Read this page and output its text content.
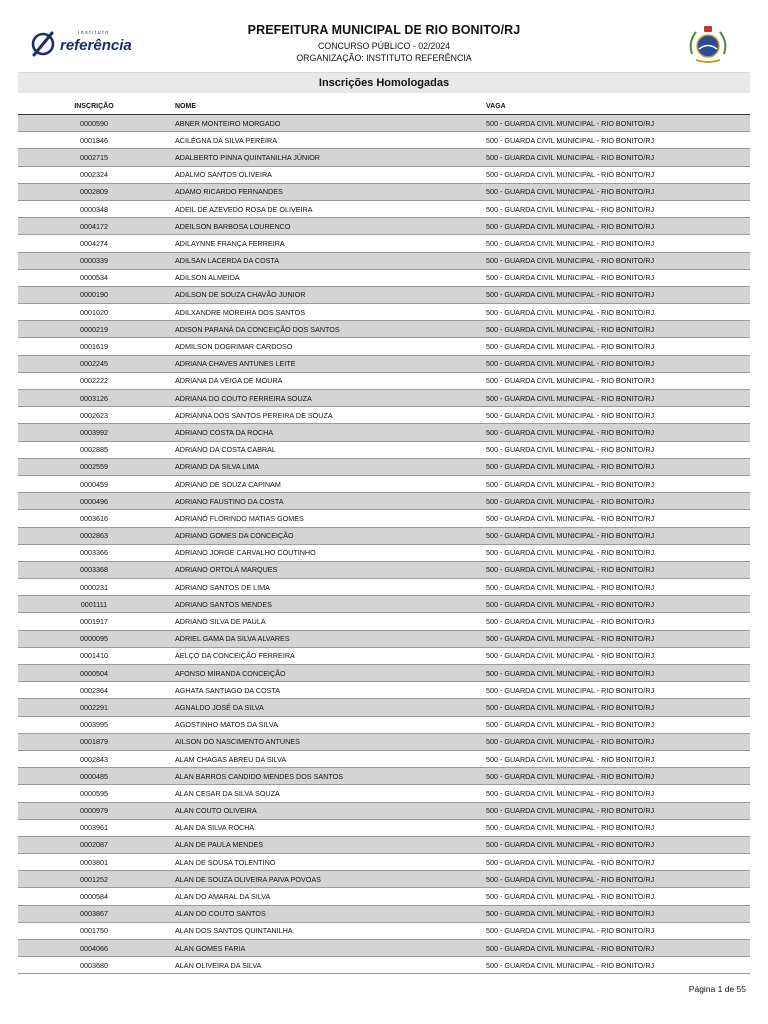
instituto
referência
PREFEITURA MUNICIPAL DE RIO BONITO/RJ
CONCURSO PÚBLICO - 02/2024
ORGANIZAÇÃO: INSTITUTO REFERÊNCIA
Inscrições Homologadas
INSCRIÇÃO	NOME	VAGA
0000590	ABNER MONTEIRO MORGADO	500 - GUARDA CIVIL MUNICIPAL - RIO BONITO/RJ
0001846	ACILÉGNA DA SILVA PEREIRA	500 - GUARDA CIVIL MUNICIPAL - RIO BONITO/RJ
0002715	ADALBERTO PINNA QUINTANILHA JÚNIOR	500 - GUARDA CIVIL MUNICIPAL - RIO BONITO/RJ
0002324	ADALMO SANTOS OLIVEIRA	500 - GUARDA CIVIL MUNICIPAL - RIO BONITO/RJ
0002809	ADAMO RICARDO FERNANDES	500 - GUARDA CIVIL MUNICIPAL - RIO BONITO/RJ
0000348	ADEIL DE AZEVEDO ROSA DE OLIVEIRA	500 - GUARDA CIVIL MUNICIPAL - RIO BONITO/RJ
0004172	ADEILSON BARBOSA LOURENCO	500 - GUARDA CIVIL MUNICIPAL - RIO BONITO/RJ
0004274	ADILAYNNE FRANÇA FERREIRA	500 - GUARDA CIVIL MUNICIPAL - RIO BONITO/RJ
0000339	ADILSAN LACERDA DA COSTA	500 - GUARDA CIVIL MUNICIPAL - RIO BONITO/RJ
0000534	ADILSON ALMEIDA	500 - GUARDA CIVIL MUNICIPAL - RIO BONITO/RJ
0000190	ADILSON DE SOUZA CHAVÃO JUNIOR	500 - GUARDA CIVIL MUNICIPAL - RIO BONITO/RJ
0001020	ADILXANDRE MOREIRA DOS SANTOS	500 - GUARDA CIVIL MUNICIPAL - RIO BONITO/RJ
0000219	ADISON PARANÁ DA CONCEIÇÃO DOS SANTOS	500 - GUARDA CIVIL MUNICIPAL - RIO BONITO/RJ
0001619	ADMILSON DOGRIMAR CARDOSO	500 - GUARDA CIVIL MUNICIPAL - RIO BONITO/RJ
0002245	ADRIANA CHAVES ANTUNES LEITE	500 - GUARDA CIVIL MUNICIPAL - RIO BONITO/RJ
0002222	ADRIANA DA VEIGA DE MOURA	500 - GUARDA CIVIL MUNICIPAL - RIO BONITO/RJ
0003126	ADRIANA DO COUTO FERREIRA SOUZA	500 - GUARDA CIVIL MUNICIPAL - RIO BONITO/RJ
0002623	ADRIANNA DOS SANTOS PEREIRA DE SOUZA	500 - GUARDA CIVIL MUNICIPAL - RIO BONITO/RJ
0003992	ADRIANO COSTA DA ROCHA	500 - GUARDA CIVIL MUNICIPAL - RIO BONITO/RJ
0002885	ADRIANO DA COSTA CABRAL	500 - GUARDA CIVIL MUNICIPAL - RIO BONITO/RJ
0002559	ADRIANO DA SILVA LIMA	500 - GUARDA CIVIL MUNICIPAL - RIO BONITO/RJ
0000459	ADRIANO DE SOUZA CAPINAM	500 - GUARDA CIVIL MUNICIPAL - RIO BONITO/RJ
0000496	ADRIANO FAUSTINO DA COSTA	500 - GUARDA CIVIL MUNICIPAL - RIO BONITO/RJ
0003616	ADRIANO FLORINDO MATIAS GOMES	500 - GUARDA CIVIL MUNICIPAL - RIO BONITO/RJ
0002863	ADRIANO GOMES DA CONCEIÇÃO	500 - GUARDA CIVIL MUNICIPAL - RIO BONITO/RJ
0003366	ADRIANO JORGE CARVALHO COUTINHO	500 - GUARDA CIVIL MUNICIPAL - RIO BONITO/RJ
0003368	ADRIANO ORTOLÁ MARQUES	500 - GUARDA CIVIL MUNICIPAL - RIO BONITO/RJ
0000231	ADRIANO SANTOS DE LIMA	500 - GUARDA CIVIL MUNICIPAL - RIO BONITO/RJ
0001111	ADRIANO SANTOS MENDES	500 - GUARDA CIVIL MUNICIPAL - RIO BONITO/RJ
0001917	ADRIANO SILVA DE PAULA	500 - GUARDA CIVIL MUNICIPAL - RIO BONITO/RJ
0000095	ADRIEL GAMA DA SILVA ALVARES	500 - GUARDA CIVIL MUNICIPAL - RIO BONITO/RJ
0001410	AELÇO DA CONCEIÇÃO FERREIRA	500 - GUARDA CIVIL MUNICIPAL - RIO BONITO/RJ
0000504	AFONSO MIRANDA CONCEIÇÃO	500 - GUARDA CIVIL MUNICIPAL - RIO BONITO/RJ
0002364	AGHATA SANTIAGO DA COSTA	500 - GUARDA CIVIL MUNICIPAL - RIO BONITO/RJ
0002291	AGNALDO JOSÉ DA SILVA	500 - GUARDA CIVIL MUNICIPAL - RIO BONITO/RJ
0003995	AGOSTINHO MATOS DA SILVA	500 - GUARDA CIVIL MUNICIPAL - RIO BONITO/RJ
0001879	AILSON DO NASCIMENTO ANTUNES	500 - GUARDA CIVIL MUNICIPAL - RIO BONITO/RJ
0002843	ALAM CHAGAS ABREU DA SILVA	500 - GUARDA CIVIL MUNICIPAL - RIO BONITO/RJ
0000485	ALAN BARROS CANDIDO MENDES DOS SANTOS	500 - GUARDA CIVIL MUNICIPAL - RIO BONITO/RJ
0000595	ALAN CESAR DA SILVA SOUZA	500 - GUARDA CIVIL MUNICIPAL - RIO BONITO/RJ
0000979	ALAN COUTO OLIVEIRA	500 - GUARDA CIVIL MUNICIPAL - RIO BONITO/RJ
0003961	ALAN DA SILVA ROCHA	500 - GUARDA CIVIL MUNICIPAL - RIO BONITO/RJ
0002087	ALAN DE PAULA MENDES	500 - GUARDA CIVIL MUNICIPAL - RIO BONITO/RJ
0003801	ALAN DE SOUSA TOLENTINO	500 - GUARDA CIVIL MUNICIPAL - RIO BONITO/RJ
0001252	ALAN DE SOUZA OLIVEIRA PAIVA POVOAS	500 - GUARDA CIVIL MUNICIPAL - RIO BONITO/RJ
0000584	ALAN DO AMARAL DA SILVA	500 - GUARDA CIVIL MUNICIPAL - RIO BONITO/RJ
0003867	ALAN DO COUTO SANTOS	500 - GUARDA CIVIL MUNICIPAL - RIO BONITO/RJ
0001750	ALAN DOS SANTOS QUINTANILHA	500 - GUARDA CIVIL MUNICIPAL - RIO BONITO/RJ
0004066	ALAN GOMES FARIA	500 - GUARDA CIVIL MUNICIPAL - RIO BONITO/RJ
0003680	ALAN OLIVEIRA DA SILVA	500 - GUARDA CIVIL MUNICIPAL - RIO BONITO/RJ
Página 1 de 55
